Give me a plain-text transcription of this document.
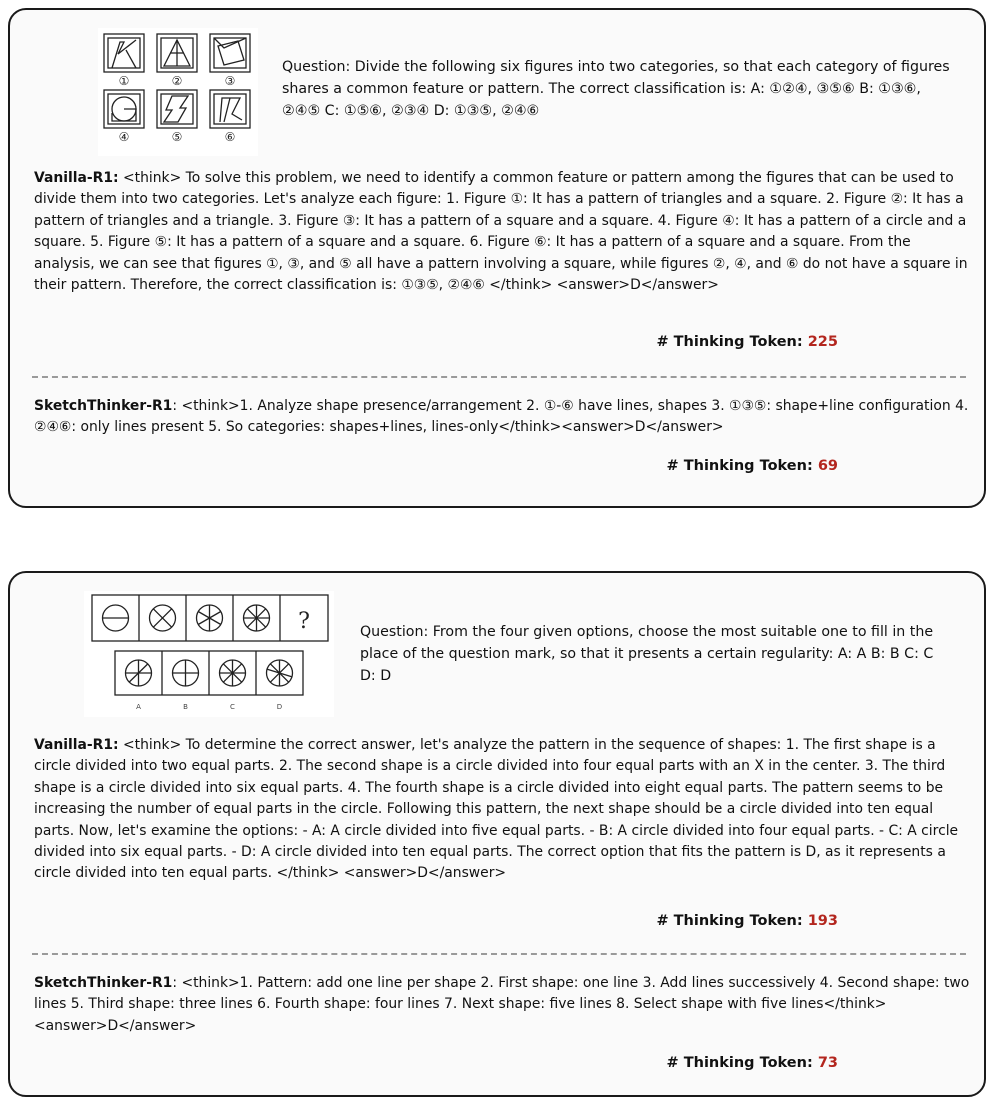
①	②	③
④	⑤	⑥
Question: Divide the following six figures into two categories, so that each category of figures shares a common feature or pattern. The correct classification is: A: ①②④, ③⑤⑥ B: ①③⑥, ②④⑤ C: ①⑤⑥, ②③④ D: ①③⑤, ②④⑥
Vanilla-R1: <think> To solve this problem, we need to identify a common feature or pattern among the figures that can be used to divide them into two categories. Let's analyze each figure: 1. Figure ①: It has a pattern of triangles and a square. 2. Figure ②: It has a pattern of triangles and a triangle. 3. Figure ③: It has a pattern of a square and a square. 4. Figure ④: It has a pattern of a circle and a square. 5. Figure ⑤: It has a pattern of a square and a square. 6. Figure ⑥: It has a pattern of a square and a square. From the analysis, we can see that figures ①, ③, and ⑤ all have a pattern involving a square, while figures ②, ④, and ⑥ do not have a square in their pattern. Therefore, the correct classification is: ①③⑤, ②④⑥ </think> <answer>D</answer>
# Thinking Token: 225
SketchThinker-R1: <think>1. Analyze shape presence/arrangement 2. ①-⑥ have lines, shapes 3. ①③⑤: shape+line configuration 4. ②④⑥: only lines present 5. So categories: shapes+lines, lines-only</think><answer>D</answer>
# Thinking Token: 69
?
A	B	C	D
Question: From the four given options, choose the most suitable one to fill in the place of the question mark, so that it presents a certain regularity: A: A B: B C: C D: D
Vanilla-R1: <think> To determine the correct answer, let's analyze the pattern in the sequence of shapes: 1. The first shape is a circle divided into two equal parts. 2. The second shape is a circle divided into four equal parts with an X in the center. 3. The third shape is a circle divided into six equal parts. 4. The fourth shape is a circle divided into eight equal parts. The pattern seems to be increasing the number of equal parts in the circle. Following this pattern, the next shape should be a circle divided into ten equal parts. Now, let's examine the options: - A: A circle divided into five equal parts. - B: A circle divided into four equal parts. - C: A circle divided into six equal parts. - D: A circle divided into ten equal parts. The correct option that fits the pattern is D, as it represents a circle divided into ten equal parts. </think> <answer>D</answer>
# Thinking Token: 193
SketchThinker-R1: <think>1. Pattern: add one line per shape 2. First shape: one line 3. Add lines successively 4. Second shape: two lines 5. Third shape: three lines 6. Fourth shape: four lines 7. Next shape: five lines 8. Select shape with five lines</think><answer>D</answer>
# Thinking Token: 73
